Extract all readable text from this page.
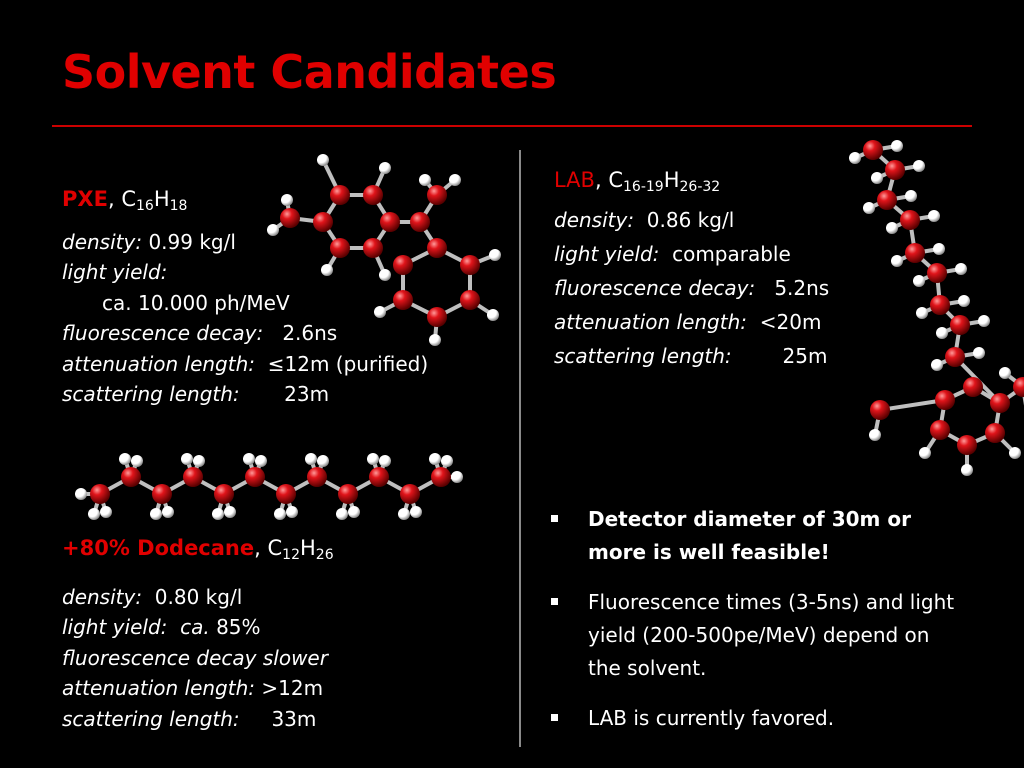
Solvent Candidates
PXE, $C_{16}H_{18}$
density: 0.99 kg/l
light yield:
ca. 10.000 ph/MeV
fluorescence decay: 2.6ns
attenuation length: ≤12m (purified)
scattering length: 23m
LAB, $C_{16-19}H_{26-32}$
density: 0.86 kg/l
light yield: comparable
fluorescence decay: 5.2ns
attenuation length: <20m
scattering length:	25m
+80% Dodecane, $C_{12}H_{26}$
density: 0.80 kg/l
light yield: ca. 85%
fluorescence decay slower
attenuation length: >12m
scattering length: 33m
Detector diameter of 30m or more is well feasible!
Fluorescence times (3-5ns) and light yield (200-500pe/MeV) depend on the solvent.
LAB is currently favored.
